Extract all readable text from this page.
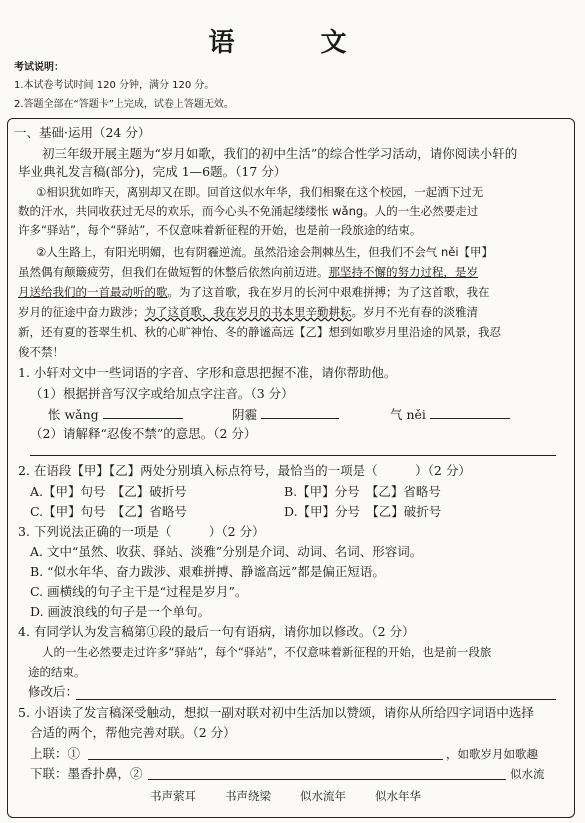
语　文
考试说明：
1.本试卷考试时间 120 分钟，满分 120 分。
2.答题全部在“答题卡”上完成，试卷上答题无效。
一、基础·运用（24 分）
初三年级开展主题为“岁月如歌，我们的初中生活”的综合性学习活动，请你阅读小轩的
毕业典礼发言稿(部分)，完成 1—6题。（17 分）
①相识犹如昨天，离别却又在即。回首这似水年华，我们相聚在这个校园，一起洒下过无
数的汗水，共同收获过无尽的欢乐，而今心头不免涌起缕缕怅 wǎng。人的一生必然要走过
许多“驿站”，每个“驿站”，不仅意味着新征程的开始，也是前一段旅途的结束。
②人生路上，有阳光明媚，也有阴霾逆流。虽然沿途会荆棘丛生，但我们不会气 něi【甲】
虽然偶有颠簸疲劳，但我们在做短暂的休整后依然向前迈进。那坚持不懈的努力过程，是岁
月送给我们的一首最动听的歌。为了这首歌，我在岁月的长河中艰难拼搏；为了这首歌，我在
岁月的征途中奋力跋涉；为了这首歌，我在岁月的书本里辛勤耕耘。岁月不光有春的淡雅清
新，还有夏的苍翠生机、秋的心旷神怡、冬的静谧高远【乙】想到如歌岁月里沿途的风景，我忍
俊不禁！
1. 小轩对文中一些词语的字音、字形和意思把握不准，请你帮助他。
（1）根据拼音写汉字或给加点字注音。（3 分）
怅 wǎng	阴霾	气 něi
（2）请解释“忍俊不禁”的意思。（2 分）
2. 在语段【甲】【乙】两处分别填入标点符号，最恰当的一项是（　　　）（2 分）
A.【甲】句号　【乙】破折号	B.【甲】分号　【乙】省略号
C.【甲】句号　【乙】省略号	D.【甲】分号　【乙】破折号
3. 下列说法正确的一项是（　　　）（2 分）
A. 文中“虽然、收获、驿站、淡雅”分别是介词、动词、名词、形容词。
B. “似水年华、奋力跋涉、艰难拼搏、静谧高远”都是偏正短语。
C. 画横线的句子主干是“过程是岁月”。
D. 画波浪线的句子是一个单句。
4. 有同学认为发言稿第①段的最后一句有语病，请你加以修改。（2 分）
人的一生必然要走过许多“驿站”，每个“驿站”，不仅意味着新征程的开始，也是前一段旅
途的结束。
修改后：
5. 小语读了发言稿深受触动，想拟一副对联对初中生活加以赞颂，请你从所给四字词语中选择
合适的两个，帮他完善对联。（2 分）
上联：①	，如歌岁月如歌趣
下联：墨香扑鼻，②	似水流
书声萦耳	书声绕梁	似水流年	似水年华
